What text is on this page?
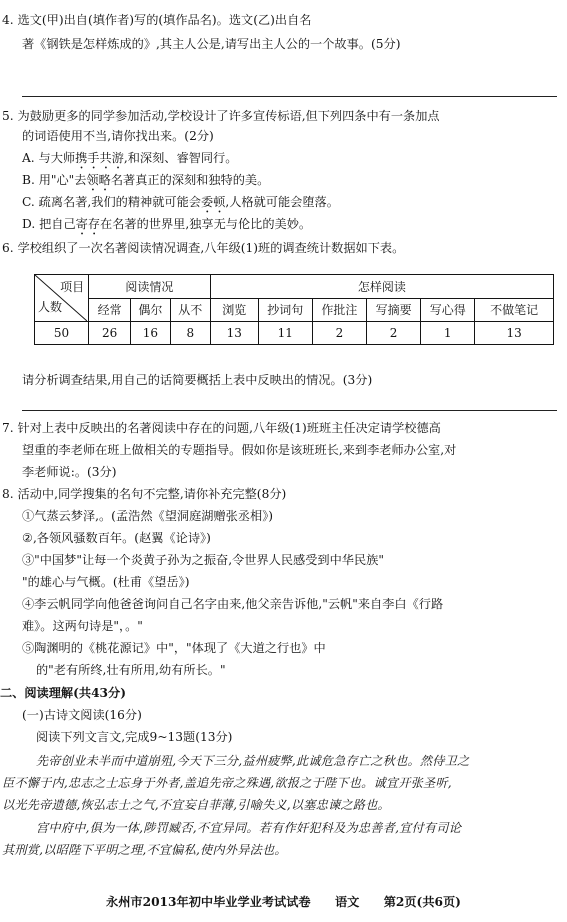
4. 选文(甲)出自(填作者)写的(填作品名)。选文(乙)出自名
著《钢铁是怎样炼成的》,其主人公是,请写出主人公的一个故事。(5分)
5. 为鼓励更多的同学参加活动,学校设计了许多宣传标语,但下列四条中有一条加点
的词语使用不当,请你找出来。(2分)
A. 与大师携手共游,和深刻、睿智同行。
B. 用"心"去领略名著真正的深刻和独特的美。
C. 疏离名著,我们的精神就可能会委顿,人格就可能会堕落。
D. 把自己寄存在名著的世界里,独享无与伦比的美妙。
6. 学校组织了一次名著阅读情况调查,八年级(1)班的调查统计数据如下表。
项目
人数	阅读情况			怎样阅读					
	经常	偶尔	从不	浏览	抄词句	作批注	写摘要	写心得	不做笔记
50	26	16	8	13	11	2	2	1	13
请分析调查结果,用自己的话简要概括上表中反映出的情况。(3分)
7. 针对上表中反映出的名著阅读中存在的问题,八年级(1)班班主任决定请学校德高
望重的李老师在班上做相关的专题指导。假如你是该班班长,来到李老师办公室,对
李老师说:。(3分)
8. 活动中,同学搜集的名句不完整,请你补充完整(8分)
①气蒸云梦泽,。(孟浩然《望洞庭湖赠张丞相》)
②,各领风骚数百年。(赵翼《论诗》)
③"中国梦"让每一个炎黄子孙为之振奋,令世界人民感受到中华民族"
"的雄心与气概。(杜甫《望岳》)
④李云帆同学向他爸爸询问自己名字由来,他父亲告诉他,"云帆"来自李白《行路
难》。这两句诗是"，。"
⑤陶渊明的《桃花源记》中"，"体现了《大道之行也》中
的"老有所终,壮有所用,幼有所长。"
二、阅读理解(共43分)
(一)古诗文阅读(16分)
阅读下列文言文,完成9~13题(13分)
先帝创业未半而中道崩殂,今天下三分,益州疲弊,此诚危急存亡之秋也。然侍卫之
臣不懈于内,忠志之士忘身于外者,盖追先帝之殊遇,欲报之于陛下也。诚宜开张圣听,
以光先帝遗德,恢弘志士之气,不宜妄自菲薄,引喻失义,以塞忠谏之路也。
宫中府中,俱为一体,陟罚臧否,不宜异同。若有作奸犯科及为忠善者,宜付有司论
其刑赏,以昭陛下平明之理,不宜偏私,使内外异法也。
永州市2013年初中毕业学业考试试卷　　语文　　第2页(共6页)
